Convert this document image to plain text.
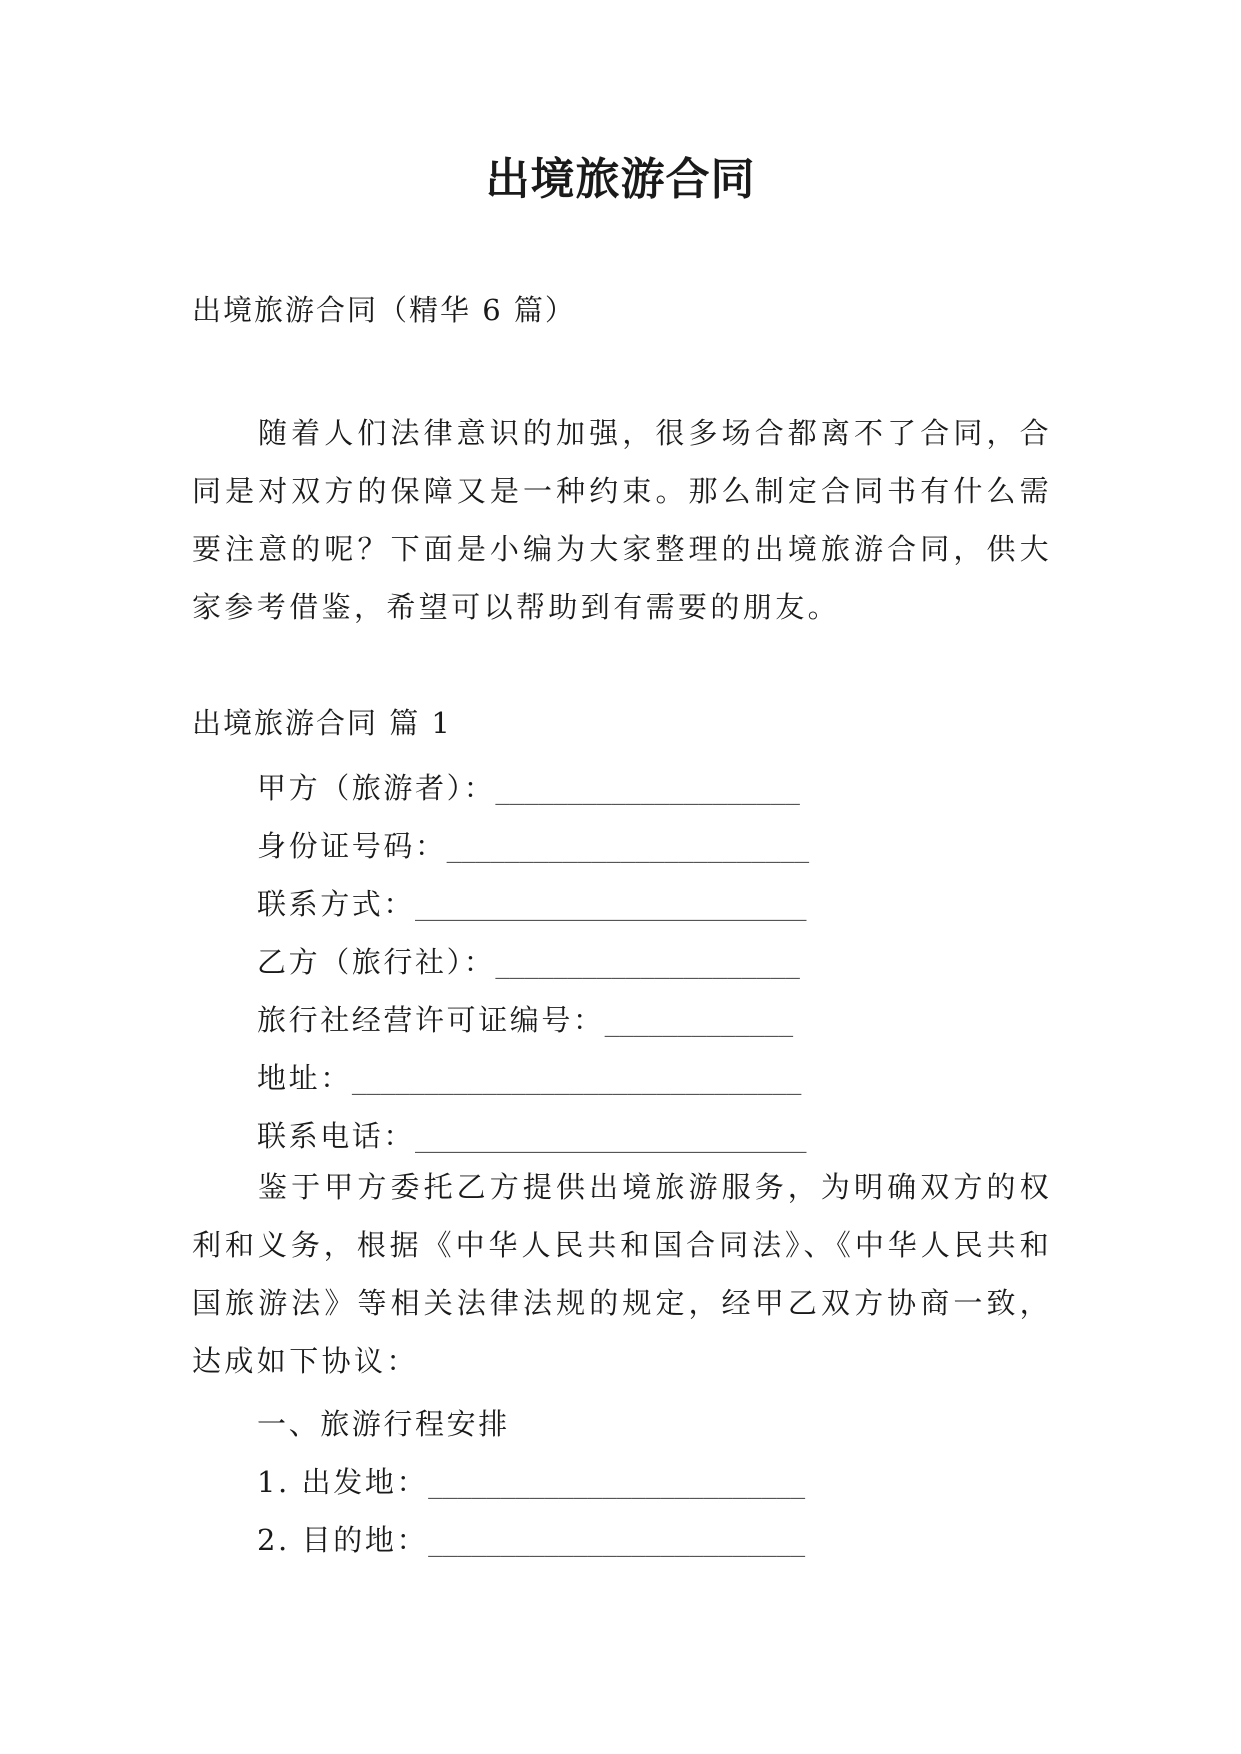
出境旅游合同
出境旅游合同（精华 6 篇）

随着人们法律意识的加强，很多场合都离不了合同，合同是对双方的保障又是一种约束。那么制定合同书有什么需要注意的呢？下面是小编为大家整理的出境旅游合同，供大家参考借鉴，希望可以帮助到有需要的朋友。

出境旅游合同 篇 1
甲方（旅游者）：_____________________
身份证号码：_________________________
联系方式：___________________________
乙方（旅行社）：_____________________
旅行社经营许可证编号：_____________
地址：_______________________________
联系电话：___________________________

鉴于甲方委托乙方提供出境旅游服务，为明确双方的权利和义务，根据《中华人民共和国合同法》、《中华人民共和国旅游法》等相关法律法规的规定，经甲乙双方协商一致，达成如下协议：

一、旅游行程安排
1. 出发地：__________________________
2. 目的地：__________________________
